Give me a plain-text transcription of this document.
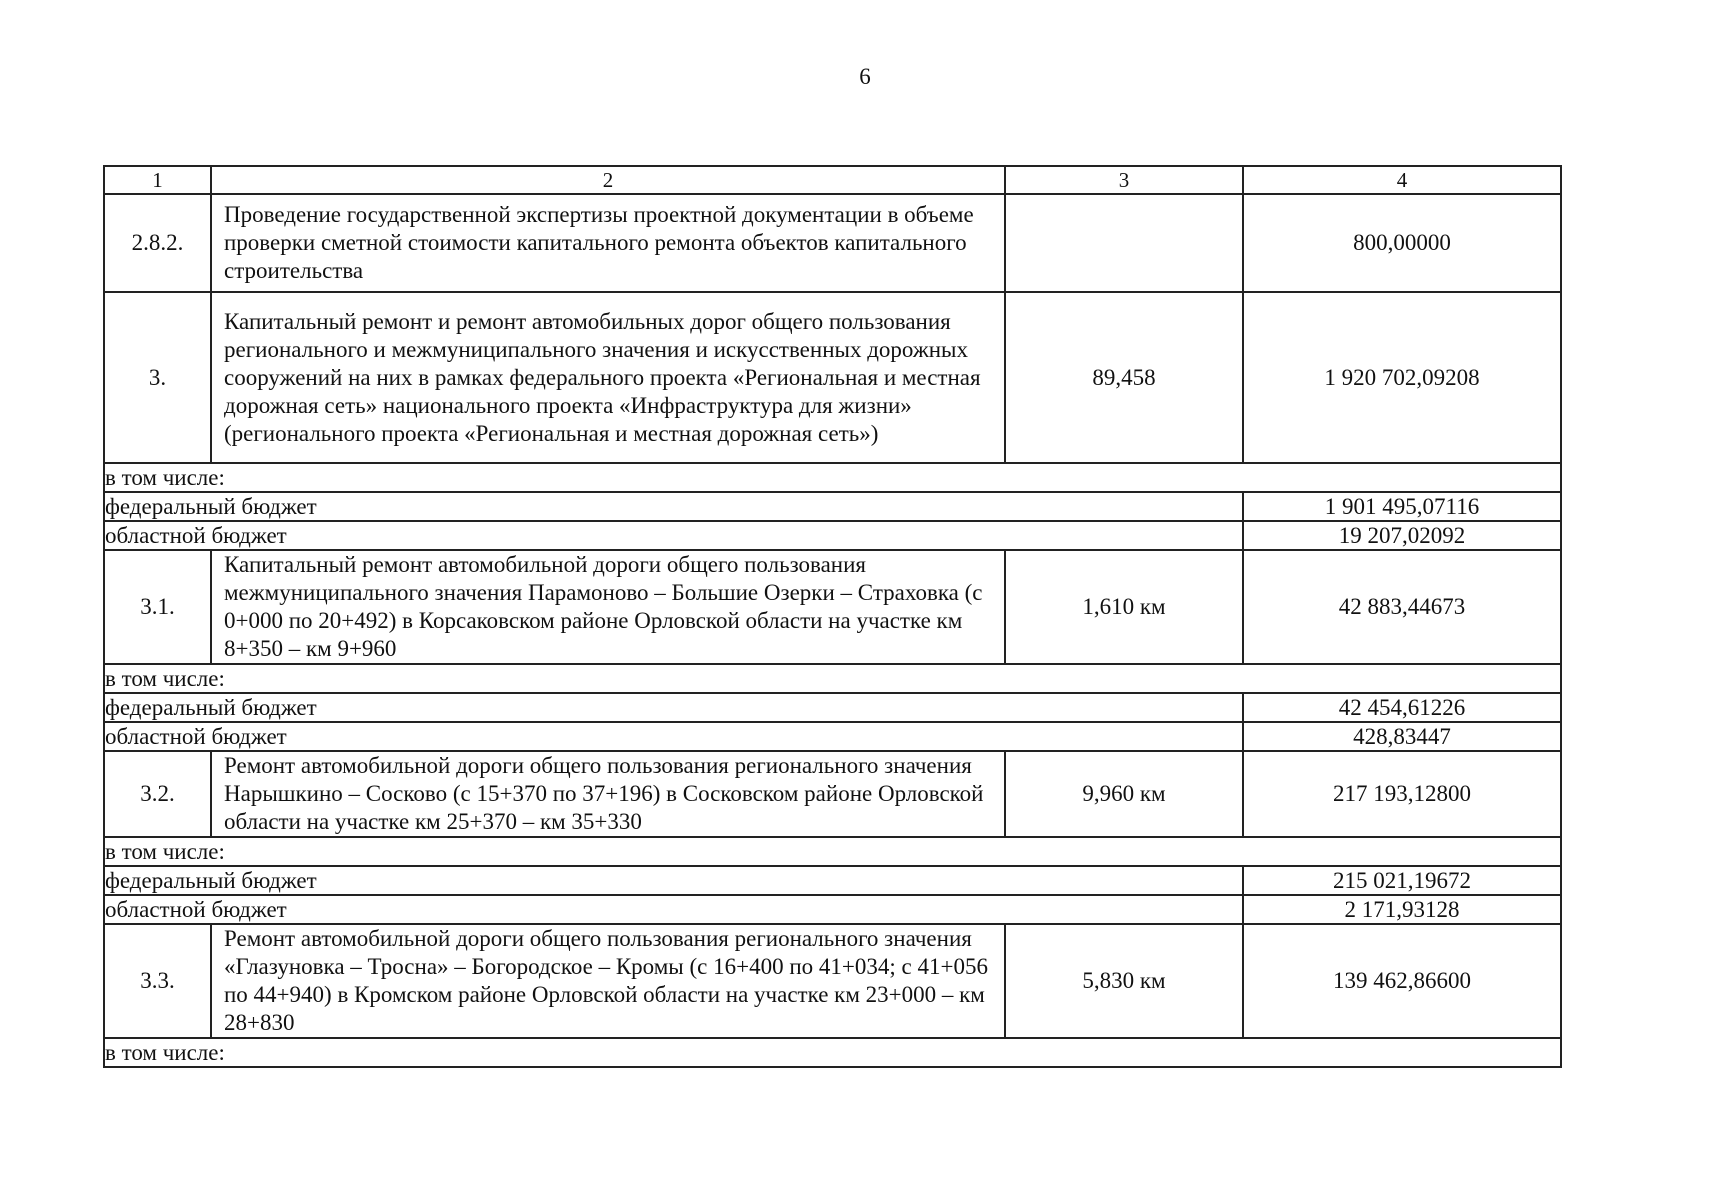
6
1	2	3	4
2.8.2.	Проведение государственной экспертизы проектной документации в объеме проверки сметной стоимости капитального ремонта объектов капитального строительства		800,00000
3.	Капитальный ремонт и ремонт автомобильных дорог общего пользования регионального и межмуниципального значения и искусственных дорожных сооружений на них в рамках федерального проекта «Региональная и местная дорожная сеть» национального проекта «Инфраструктура для жизни» (регионального проекта «Региональная и местная дорожная сеть»)	89,458	1 920 702,09208
в том числе:			
федеральный бюджет			1 901 495,07116
областной бюджет			19 207,02092
3.1.	Капитальный ремонт автомобильной дороги общего пользования межмуниципального значения Парамоново – Большие Озерки – Страховка (с 0+000 по 20+492) в Корсаковском районе Орловской области на участке км 8+350 – км 9+960	1,610 км	42 883,44673
в том числе:			
федеральный бюджет			42 454,61226
областной бюджет			428,83447
3.2.	Ремонт автомобильной дороги общего пользования регионального значения Нарышкино – Сосково (с 15+370 по 37+196) в Сосковском районе Орловской области на участке км 25+370 – км 35+330	9,960 км	217 193,12800
в том числе:			
федеральный бюджет			215 021,19672
областной бюджет			2 171,93128
3.3.	Ремонт автомобильной дороги общего пользования регионального значения «Глазуновка – Тросна» – Богородское – Кромы (с 16+400 по 41+034; с 41+056 по 44+940) в Кромском районе Орловской области на участке км 23+000 – км 28+830	5,830 км	139 462,86600
в том числе:			
